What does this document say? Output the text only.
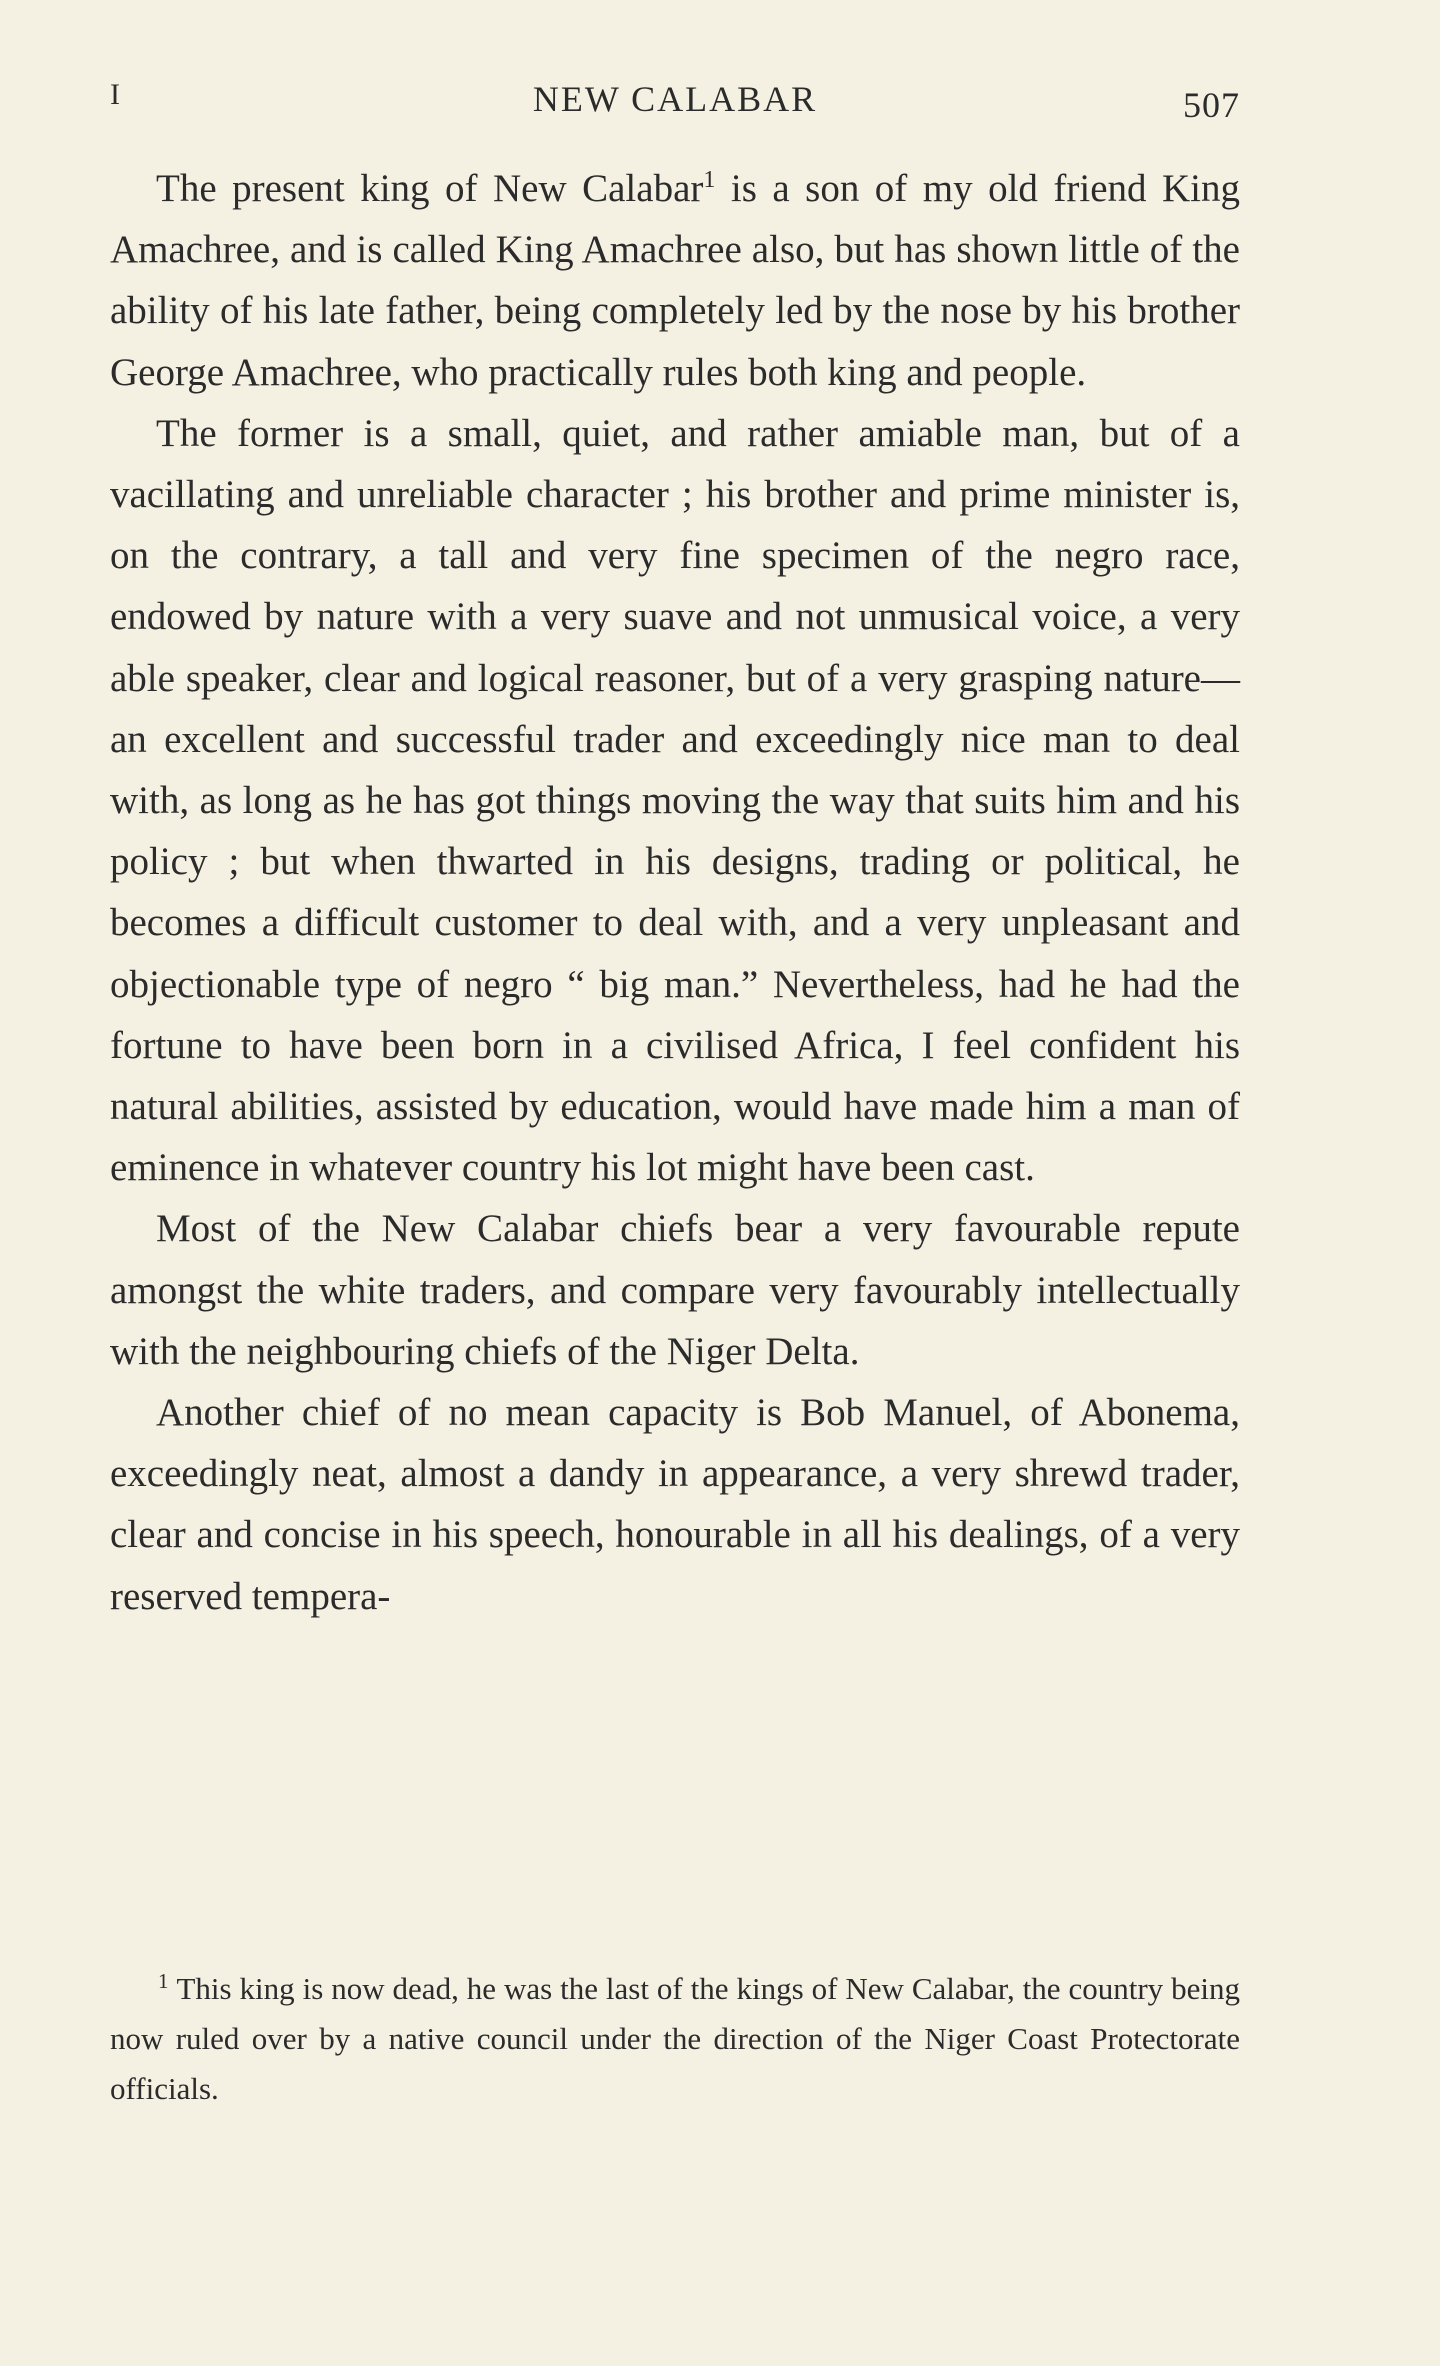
I	NEW CALABAR	507

The present king of New Calabar$^1$ is a son of my old friend King Amachree, and is called King Amachree also, but has shown little of the ability of his late father, being completely led by the nose by his brother George Amachree, who practically rules both king and people.

The former is a small, quiet, and rather amiable man, but of a vacillating and unreliable character ; his brother and prime minister is, on the contrary, a tall and very fine specimen of the negro race, endowed by nature with a very suave and not unmusical voice, a very able speaker, clear and logical reasoner, but of a very grasping nature— an excellent and successful trader and exceedingly nice man to deal with, as long as he has got things moving the way that suits him and his policy ; but when thwarted in his designs, trading or political, he becomes a difficult customer to deal with, and a very unpleasant and objectionable type of negro “ big man.” Nevertheless, had he had the fortune to have been born in a civilised Africa, I feel confident his natural abilities, assisted by education, would have made him a man of eminence in whatever country his lot might have been cast.

Most of the New Calabar chiefs bear a very favourable repute amongst the white traders, and compare very favourably intellectually with the neighbouring chiefs of the Niger Delta.

Another chief of no mean capacity is Bob Manuel, of Abonema, exceedingly neat, almost a dandy in appearance, a very shrewd trader, clear and concise in his speech, honourable in all his dealings, of a very reserved tempera-

$^1$ This king is now dead, he was the last of the kings of New Calabar, the country being now ruled over by a native council under the direction of the Niger Coast Protectorate officials.
